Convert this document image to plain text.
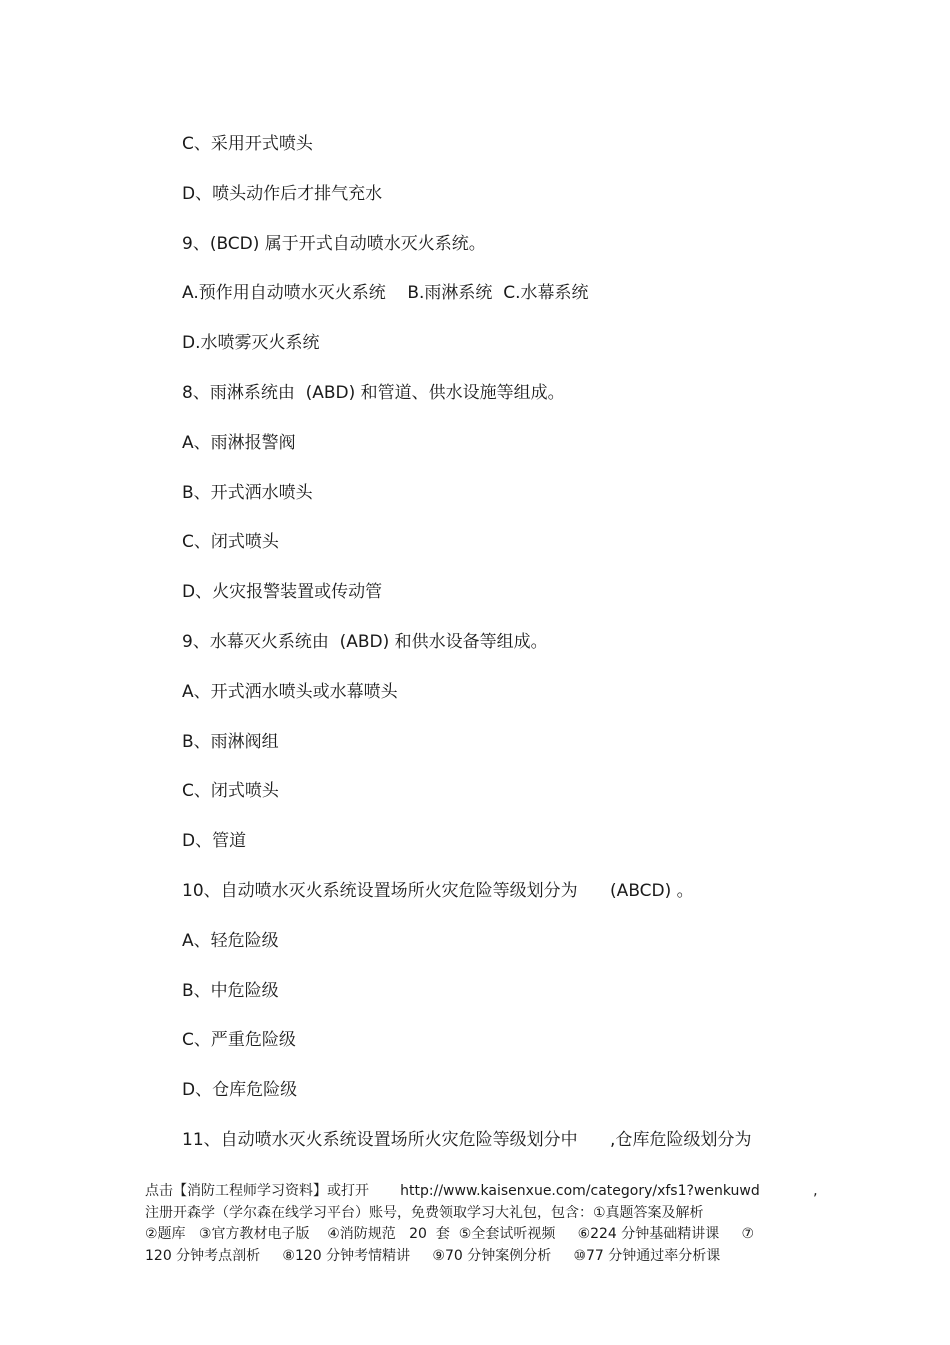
C、采用开式喷头
D、喷头动作后才排气充水
9、(BCD) 属于开式自动喷水灭火系统。
A.预作用自动喷水灭火系统    B.雨淋系统  C.水幕系统
D.水喷雾灭火系统
8、雨淋系统由  (ABD) 和管道、供水设施等组成。
A、雨淋报警阀
B、开式洒水喷头
C、闭式喷头
D、火灾报警装置或传动管
9、水幕灭火系统由  (ABD) 和供水设备等组成。
A、开式洒水喷头或水幕喷头
B、雨淋阀组
C、闭式喷头
D、管道
10、自动喷水灭火系统设置场所火灾危险等级划分为      (ABCD) 。
A、轻危险级
B、中危险级
C、严重危险级
D、仓库危险级
11、自动喷水灭火系统设置场所火灾危险等级划分中      ,仓库危险级划分为
点击【消防工程师学习资料】或打开       http://www.kaisenxue.com/category/xfs1?wenkuwd            ,
注册开森学（学尔森在线学习平台）账号，免费领取学习大礼包，包含：①真题答案及解析
②题库   ③官方教材电子版    ④消防规范   20  套  ⑤全套试听视频     ⑥224 分钟基础精讲课     ⑦
120 分钟考点剖析     ⑧120 分钟考情精讲     ⑨70 分钟案例分析     ⑩77 分钟通过率分析课
